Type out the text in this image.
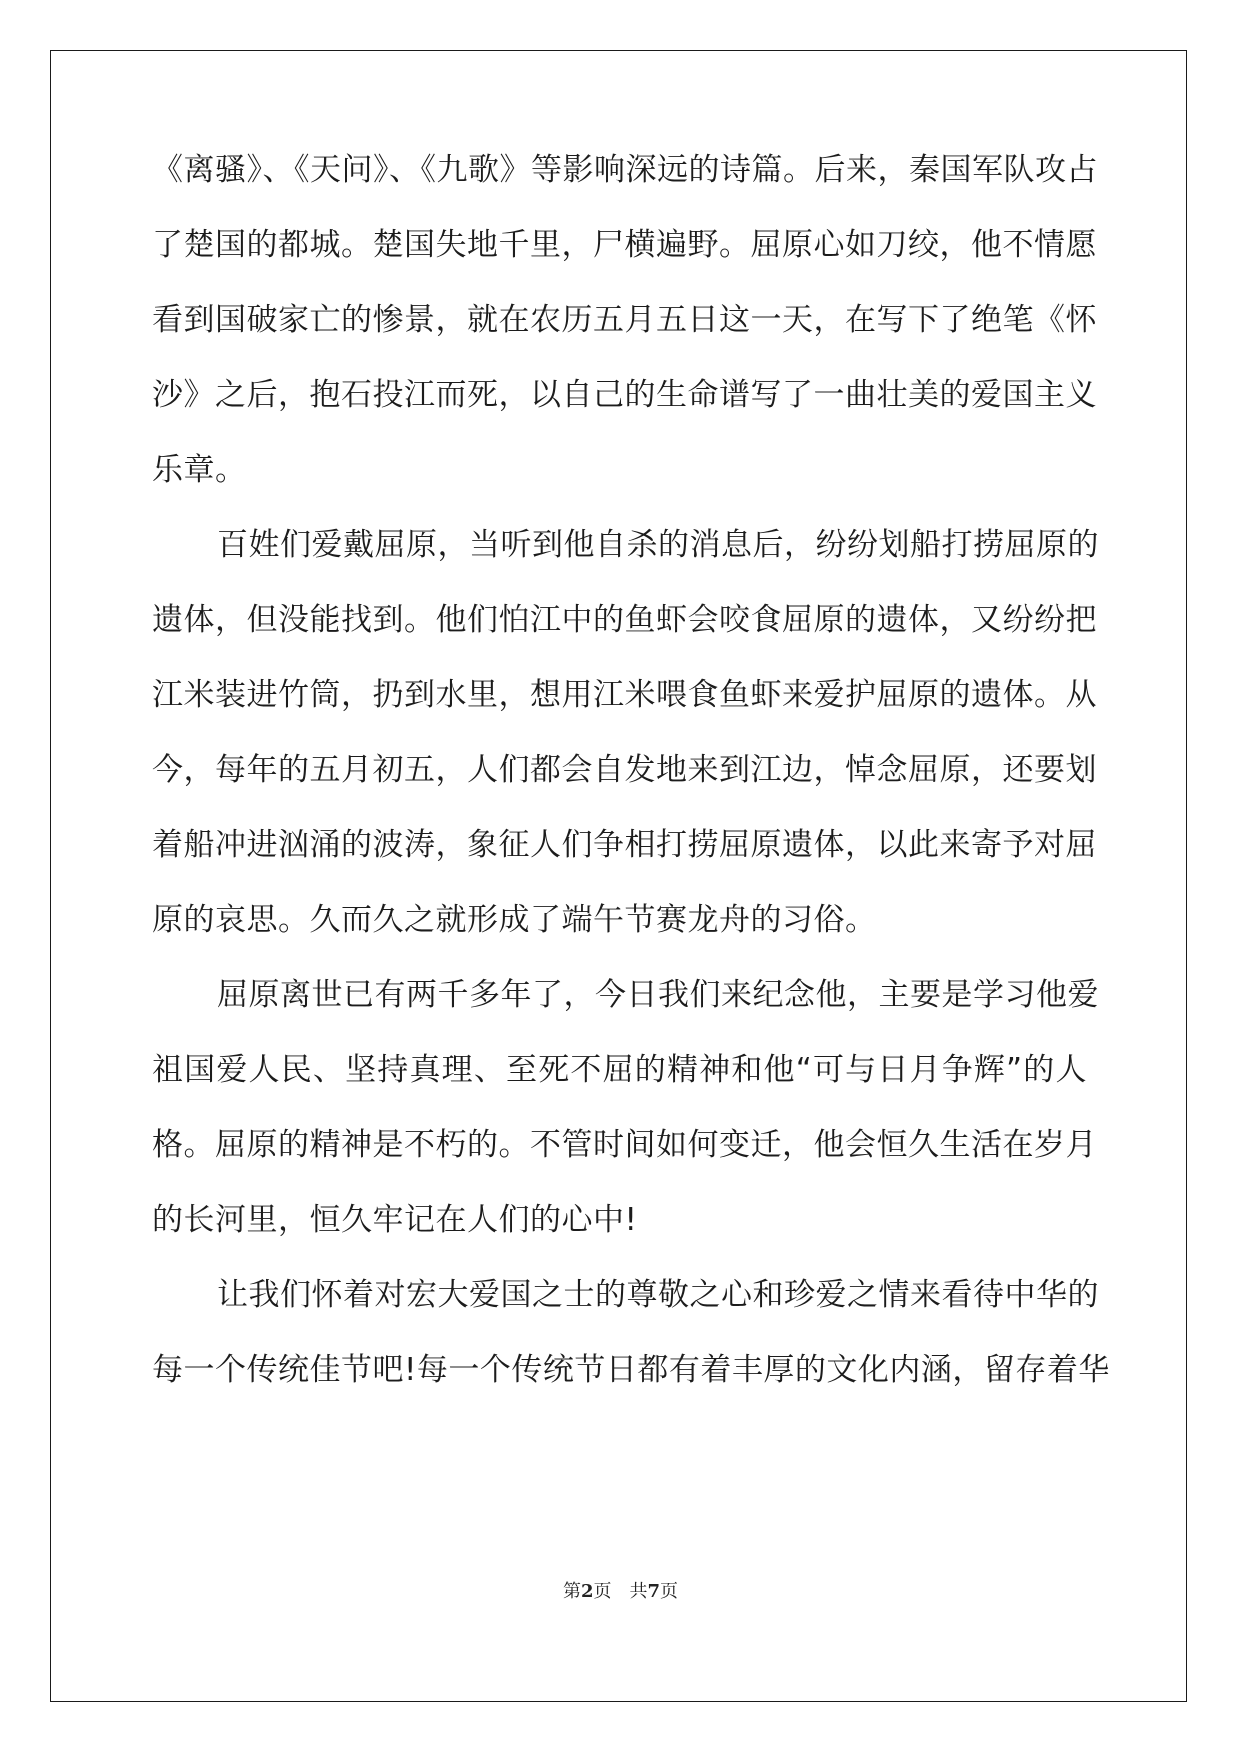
《离骚》、《天问》、《九歌》等影响深远的诗篇。后来，秦国军队攻占
了楚国的都城。楚国失地千里，尸横遍野。屈原心如刀绞，他不情愿
看到国破家亡的惨景，就在农历五月五日这一天，在写下了绝笔《怀
沙》之后，抱石投江而死，以自己的生命谱写了一曲壮美的爱国主义
乐章。
百姓们爱戴屈原，当听到他自杀的消息后，纷纷划船打捞屈原的
遗体，但没能找到。他们怕江中的鱼虾会咬食屈原的遗体，又纷纷把
江米装进竹筒，扔到水里，想用江米喂食鱼虾来爱护屈原的遗体。从
今，每年的五月初五，人们都会自发地来到江边，悼念屈原，还要划
着船冲进汹涌的波涛，象征人们争相打捞屈原遗体，以此来寄予对屈
原的哀思。久而久之就形成了端午节赛龙舟的习俗。
屈原离世已有两千多年了，今日我们来纪念他，主要是学习他爱
祖国爱人民、坚持真理、至死不屈的精神和他“可与日月争辉”的人
格。屈原的精神是不朽的。不管时间如何变迁，他会恒久生活在岁月
的长河里，恒久牢记在人们的心中!
让我们怀着对宏大爱国之士的尊敬之心和珍爱之情来看待中华的
每一个传统佳节吧!每一个传统节日都有着丰厚的文化内涵，留存着华
第2页　共7页
